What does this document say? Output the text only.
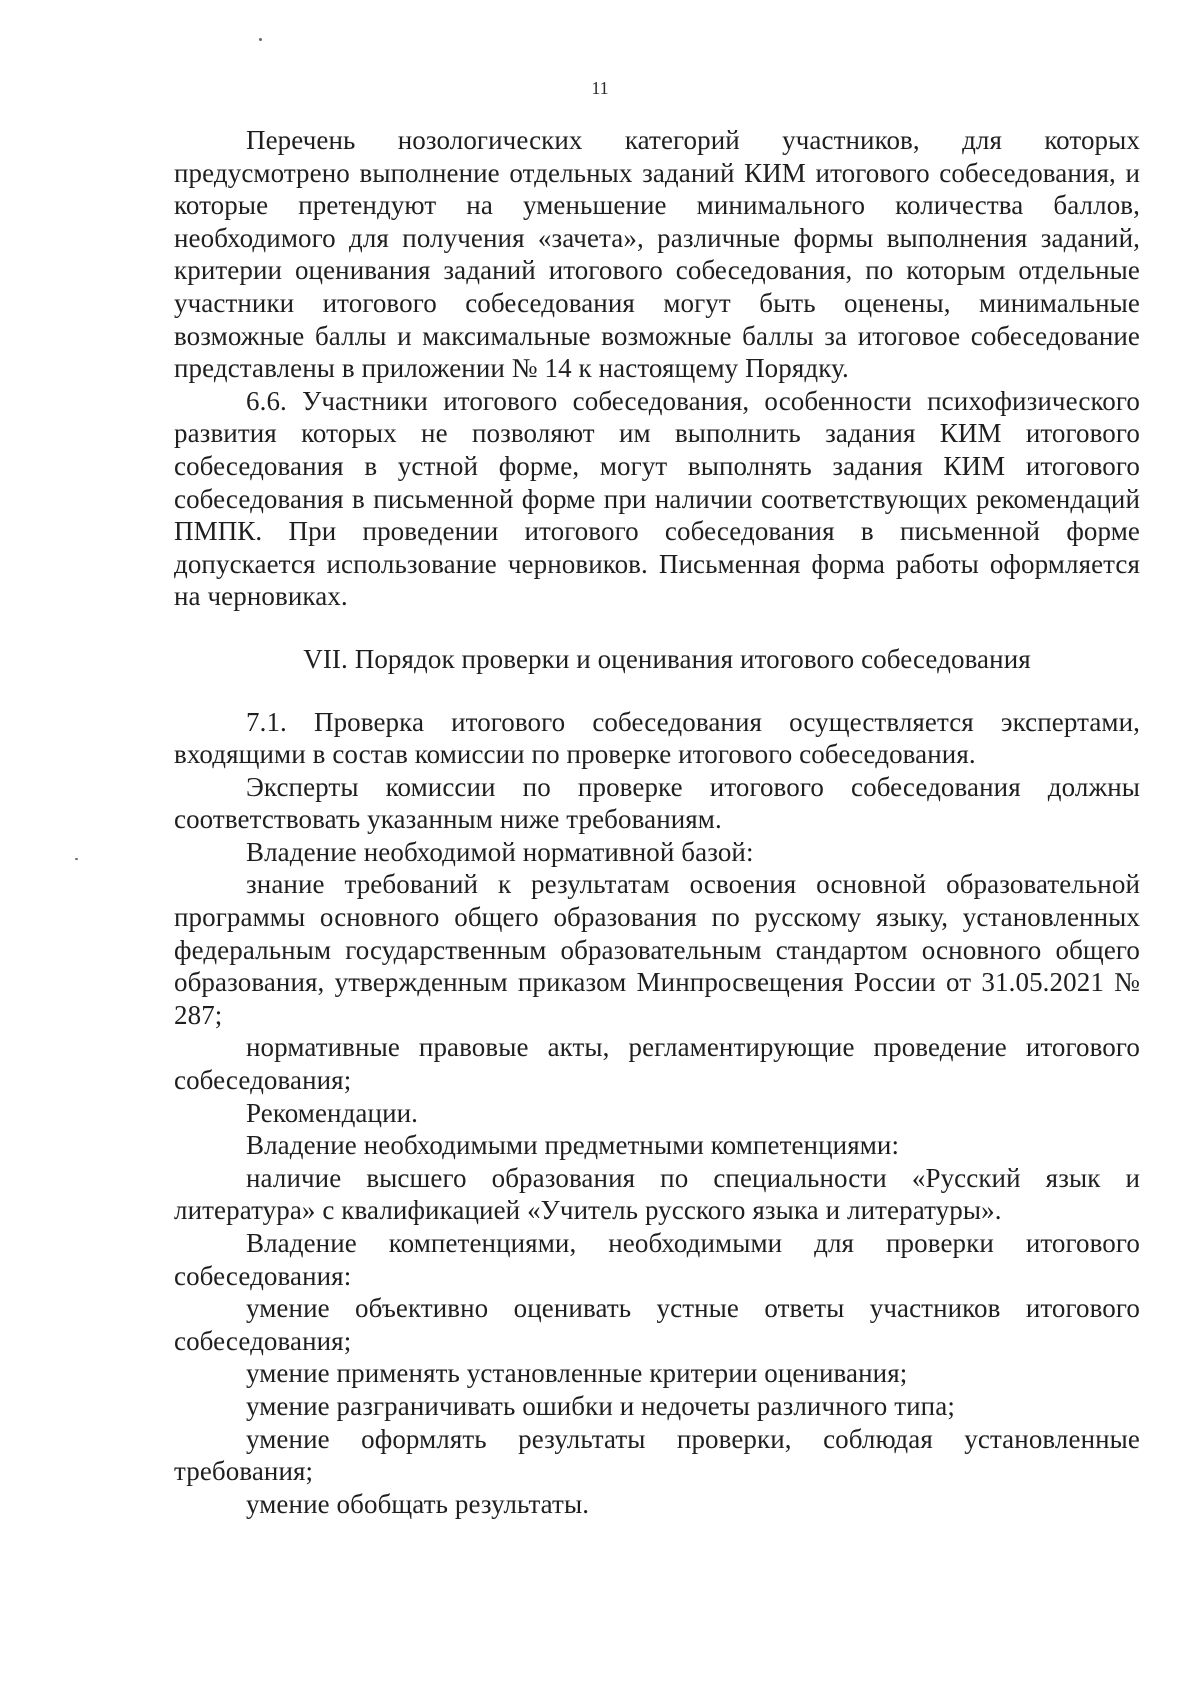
11

Перечень нозологических категорий участников, для которых предусмотрено выполнение отдельных заданий КИМ итогового собеседования, и которые претендуют на уменьшение минимального количества баллов, необходимого для получения «зачета», различные формы выполнения заданий, критерии оценивания заданий итогового собеседования, по которым отдельные участники итогового собеседования могут быть оценены, минимальные возможные баллы и максимальные возможные баллы за итоговое собеседование представлены в приложении № 14 к настоящему Порядку.

6.6. Участники итогового собеседования, особенности психофизического развития которых не позволяют им выполнить задания КИМ итогового собеседования в устной форме, могут выполнять задания КИМ итогового собеседования в письменной форме при наличии соответствующих рекомендаций ПМПК. При проведении итогового собеседования в письменной форме допускается использование черновиков. Письменная форма работы оформляется на черновиках.

VII. Порядок проверки и оценивания итогового собеседования

7.1. Проверка итогового собеседования осуществляется экспертами, входящими в состав комиссии по проверке итогового собеседования.

Эксперты комиссии по проверке итогового собеседования должны соответствовать указанным ниже требованиям.

Владение необходимой нормативной базой:

знание требований к результатам освоения основной образовательной программы основного общего образования по русскому языку, установленных федеральным государственным образовательным стандартом основного общего образования, утвержденным приказом Минпросвещения России от 31.05.2021 № 287;

нормативные правовые акты, регламентирующие проведение итогового собеседования;

Рекомендации.

Владение необходимыми предметными компетенциями:

наличие высшего образования по специальности «Русский язык и литература» с квалификацией «Учитель русского языка и литературы».

Владение компетенциями, необходимыми для проверки итогового собеседования:

умение объективно оценивать устные ответы участников итогового собеседования;

умение применять установленные критерии оценивания;

умение разграничивать ошибки и недочеты различного типа;

умение оформлять результаты проверки, соблюдая установленные требования;

умение обобщать результаты.
